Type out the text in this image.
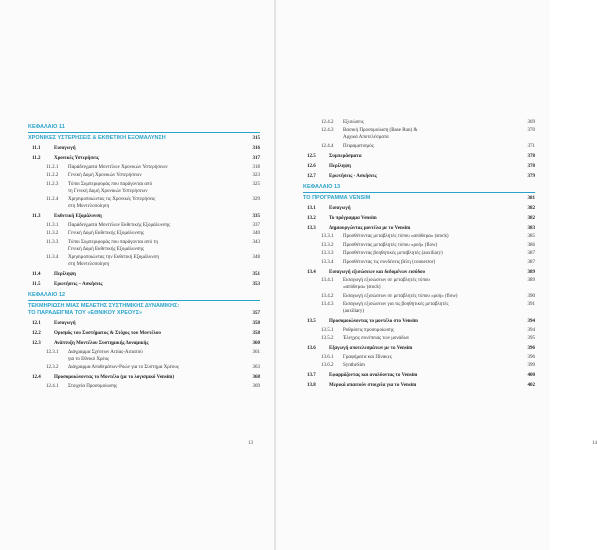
ΚΕΦΑΛΑΙΟ 11
ΧΡΟΝΙΚΕΣ ΥΣΤΕΡΗΣΕΙΣ & ΕΚΘΕΤΙΚΗ ΕΞΟΜΑΛΥΝΣΗ	315
11.1	Εισαγωγή	316
11.2	Χρονικές Υστερήσεις	317
11.2.1	Παράδειγματα Μοντέλων Χρονικών Υστερήσεων	318
11.2.2	Γενική Δομή Χρονικών Υστερήσεων	323
11.2.3	Τύποι Συμπεριφοράς που παράγονται από
τη Γενική Δομή Χρονικών Υστερήσεων
325
11.2.4	Χρησιμοποιώντας τις Χρονικές Υστερήσεις
στη Μοντελοποίηση
329
11.3	Εκθετική Εξομάλυνση	335
11.3.1	Παράδειγματα Μοντέλων Εκθετικής Εξομάλυνσης	337
11.3.2	Γενική Δομή Εκθετικής Εξομάλυνσης	340
11.3.3	Τύποι Συμπεριφοράς που παράγονται από τη
Γενική Δομή Εκθετικής Εξομάλυνσης
343
11.3.4	Χρησιμοποιώντας την Εκθετική Εξομάλυνση
στη Μοντελοποίηση
348
11.4	Περίληψη	351
11.5	Ερωτήσεις – Ασκήσεις	353
ΚΕΦΑΛΑΙΟ 12
ΤΕΚΜΗΡΙΩΣΗ ΜΙΑΣ ΜΕΛΕΤΗΣ ΣΥΣΤΗΜΙΚΗΣ ΔΥΝΑΜΙΚΗΣ:
ΤΟ ΠΑΡΑΔΕΙΓΜΑ ΤΟΥ «ΕΘΝΙΚΟΥ ΧΡΕΟΥΣ»	357
12.1	Εισαγωγή	358
12.2	Ορισμός του Συστήματος & Στόχος του Μοντέλου	358
12.3	Ανάπτυξη Μοντέλου Συστημικής Δυναμικής	360
12.3.1	Διάγραμμα Σχέσεων Αιτίας-Αιτιατού
για το Εθνικό Χρέος
361
12.3.2	Διάγραμμα Αποθεμάτων-Ροών για το Σύστημα Χρέους	363
12.4	Προσομοιώνοντας το Μοντέλο (με το λογισμικό Vensim)	368
12.4.1	Στοιχεία Προσομοίωσης	369
13
12.4.2	Εξισώσεις	369
12.4.3	Βασική Προσομοίωση (Base Run) &
Αρχικά Αποτελέσματα
370
12.4.4	Πειραματισμός	371
12.5	Συμπεράσματα	378
12.6	Περίληψη	378
12.7	Ερωτήσεις - Ασκήσεις	379
ΚΕΦΑΛΑΙΟ 13
ΤΟ ΠΡΟΓΡΑΜΜΑ VENSIM	381
13.1	Εισαγωγή	382
13.2	Το πρόγραμμα Vensim	382
13.3	Δημιουργώντας μοντέλα με το Vensim	383
13.3.1	Προσθέτοντας μεταβλητές τύπου «απόθεμα» (stock)	385
13.3.2	Προσθέτοντας μεταβλητές τύπου «ροή» (flow)	386
13.3.3	Προσθέτοντας βοηθητικές μεταβλητές (auxiliary)	387
13.3.4	Προσθέτοντας τις συνδέσεις βέλη (connector)	387
13.4	Εισαγωγή εξισώσεων και δεδομένων εισόδου	389
13.4.1	Εισαγωγή εξισώσεων σε μεταβλητές τύπου
«απόθεμα» (stock)
389
13.4.2	Εισαγωγή εξισώσεων σε μεταβλητές τύπου «ροή» (flow)	390
13.4.3	Εισαγωγή εξισώσεων για τις βοηθητικές μεταβλητές
(auxiliary)
391
13.5	Προσομοιώνοντας το μοντέλο στο Vensim	394
13.5.1	Ρυθμίσεις προσομοίωσης	394
13.5.2	Έλεγχος συνέπειας των μονάδων	395
13.6	Εξαγωγή αποτελεσμάτων με το Vensim	396
13.6.1	Γραφήματα και Πίνακες	396
13.6.2	SyntheSim	399
13.7	Εφαρμόζοντας και αναλύοντας το Vensim	400
13.8	Μερικά απαιτούν στοιχεία για το Vensim	402
14
